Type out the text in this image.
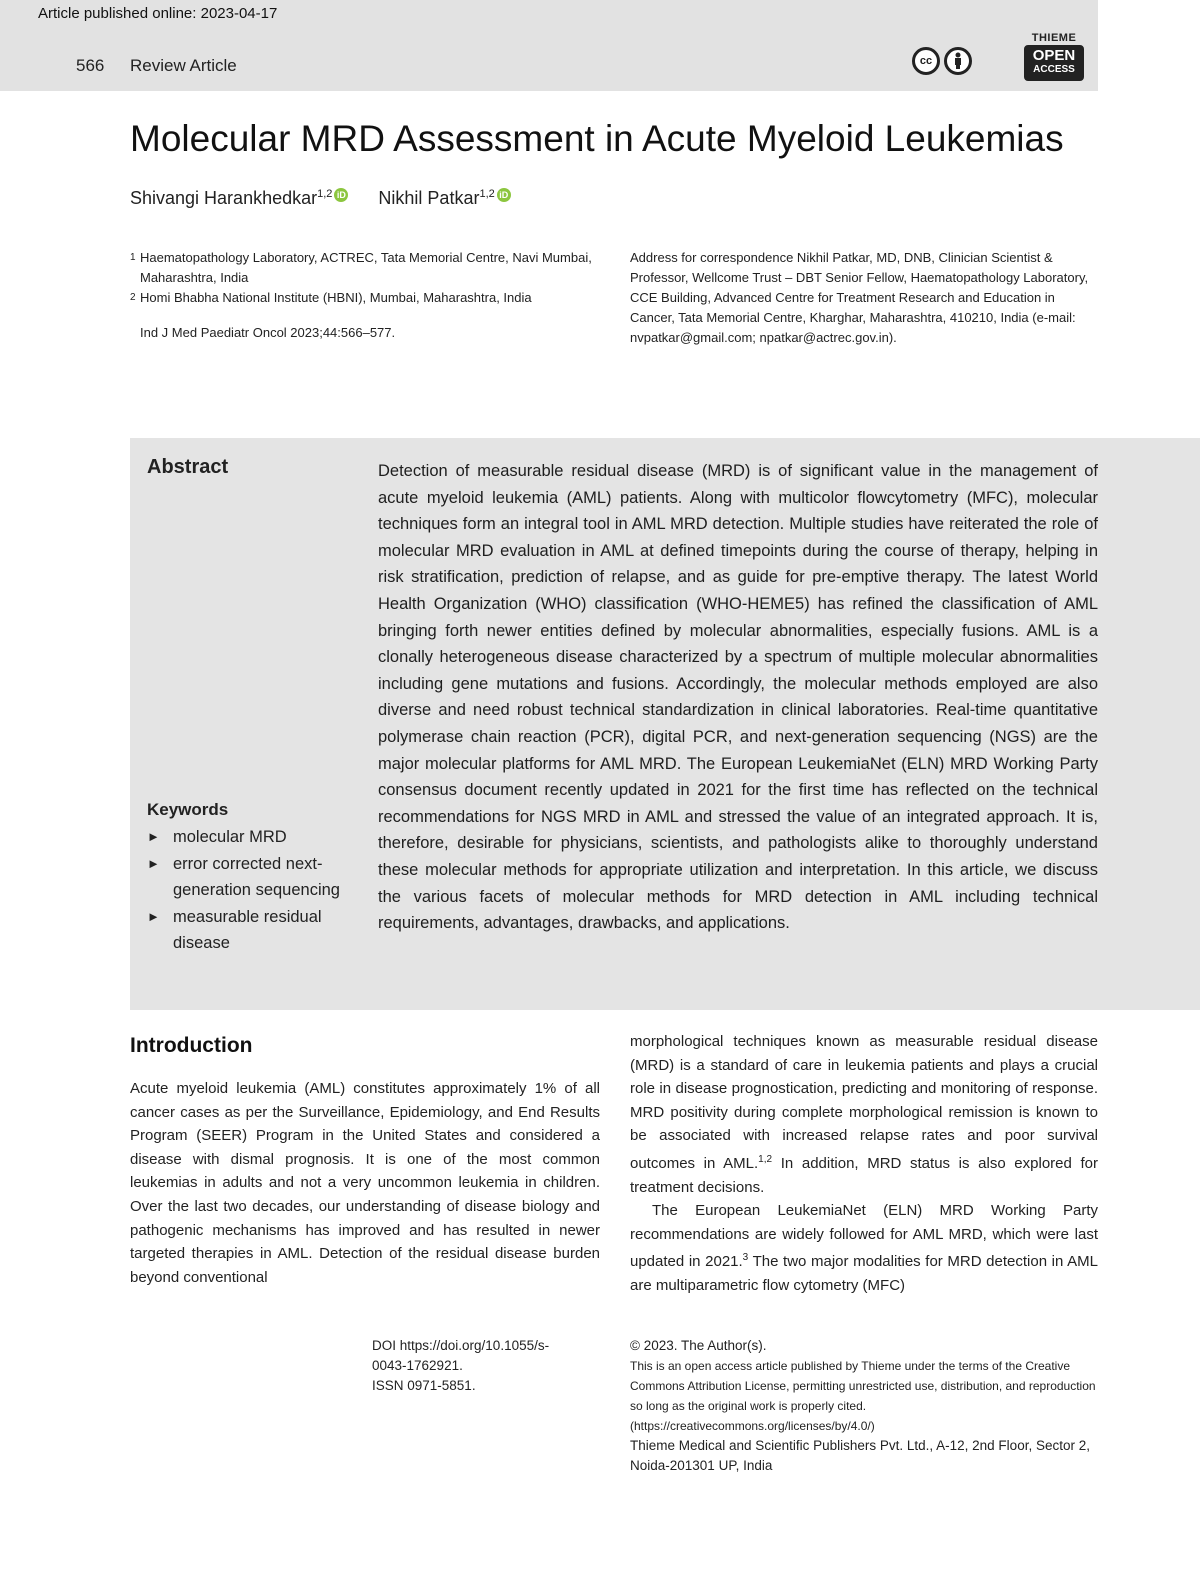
Article published online: 2023-04-17
566 Review Article	cc
THIEME
OPEN
ACCESS
Molecular MRD Assessment in Acute Myeloid Leukemias
Shivangi Harankhedkar$^{1,2}$ iD Nikhil Patkar$^{1,2}$ iD
1 Haematopathology Laboratory, ACTREC, Tata Memorial Centre, Navi Mumbai, Maharashtra, India
2 Homi Bhabha National Institute (HBNI), Mumbai, Maharashtra, India
Ind J Med Paediatr Oncol 2023;44:566–577.
Address for correspondence Nikhil Patkar, MD, DNB, Clinician Scientist & Professor, Wellcome Trust – DBT Senior Fellow, Haematopathology Laboratory, CCE Building, Advanced Centre for Treatment Research and Education in Cancer, Tata Memorial Centre, Kharghar, Maharashtra, 410210, India (e-mail: nvpatkar@gmail.com; npatkar@actrec.gov.in).
Abstract	Detection of measurable residual disease (MRD) is of significant value in the management of acute myeloid leukemia (AML) patients. Along with multicolor flowcytometry (MFC), molecular techniques form an integral tool in AML MRD detection. Multiple studies have reiterated the role of molecular MRD evaluation in AML at defined timepoints during the course of therapy, helping in risk stratification, prediction of relapse, and as guide for pre-emptive therapy. The latest World Health Organization (WHO) classification (WHO-HEME5) has refined the classification of AML bringing forth newer entities defined by molecular abnormalities, especially fusions. AML is a clonally heterogeneous disease characterized by a spectrum of multiple molecular abnormalities including gene mutations and fusions. Accordingly, the molecular methods employed are also diverse and need robust technical standardization in clinical laboratories. Real-time quantitative polymerase chain reaction (PCR), digital PCR, and next-generation sequencing (NGS) are the major molecular platforms for AML MRD. The European LeukemiaNet (ELN) MRD Working Party consensus document recently updated in 2021 for the first time has reflected on the technical recommendations for NGS MRD in AML and stressed the value of an integrated approach. It is, therefore, desirable for physicians, scientists, and pathologists alike to thoroughly understand these molecular methods for appropriate utilization and interpretation. In this article, we discuss the various facets of molecular methods for MRD detection in AML including technical requirements, advantages, drawbacks, and applications.
Keywords
► molecular MRD
► error corrected next-generation sequencing
► measurable residual disease
Introduction
Acute myeloid leukemia (AML) constitutes approximately 1% of all cancer cases as per the Surveillance, Epidemiology, and End Results Program (SEER) Program in the United States and considered a disease with dismal prognosis. It is one of the most common leukemias in adults and not a very uncommon leukemia in children. Over the last two decades, our understanding of disease biology and pathogenic mechanisms has improved and has resulted in newer targeted therapies in AML. Detection of the residual disease burden beyond conventional

morphological techniques known as measurable residual disease (MRD) is a standard of care in leukemia patients and plays a crucial role in disease prognostication, predicting and monitoring of response. MRD positivity during complete morphological remission is known to be associated with increased relapse rates and poor survival outcomes in AML.$^{1,2}$ In addition, MRD status is also explored for treatment decisions.

The European LeukemiaNet (ELN) MRD Working Party recommendations are widely followed for AML MRD, which were last updated in 2021.$^3$ The two major modalities for MRD detection in AML are multiparametric flow cytometry (MFC)

DOI https://doi.org/10.1055/s-0043-1762921.
ISSN 0971-5851.
© 2023. The Author(s).
This is an open access article published by Thieme under the terms of the Creative Commons Attribution License, permitting unrestricted use, distribution, and reproduction so long as the original work is properly cited. (https://creativecommons.org/licenses/by/4.0/)
Thieme Medical and Scientific Publishers Pvt. Ltd., A-12, 2nd Floor, Sector 2, Noida-201301 UP, India
